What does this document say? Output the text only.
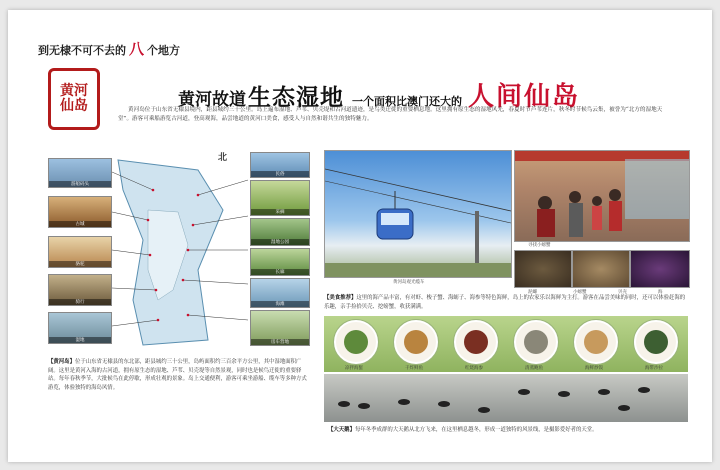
到无棣不可不去的 八 个地方
黄河
仙岛	黄河故道 生态湿地 一个面积比澳门还大的 人间仙岛
黄河岛位于山东省无棣县境内，距县城约三十公里。岛上遍布湿地、芦苇、贝壳堤和古河道遗迹，是鸟类迁徙的重要栖息地。这里拥有原生态的湿地风光，春夏时节芦苇连片，秋冬时节候鸟云集，被誉为“北方的湿地天堂”。游客可乘船游览古河道，登高观海，品尝地道的黄河口美食，感受人与自然和谐共生的独特魅力。
北
游船码头
古城
骆驼
骑行
湿地
民俗
采摘
湿地公园
长廊
海滩
房车营地
黄河岛观光缆车
寻找小螃蟹
泥螺	小螃蟹	贝壳	海
【美食推荐】这里的海产品丰富，有对虾、梭子蟹、海蛎子、海参等特色海鲜，岛上的农家乐以海鲜为主打。游客在品尝美味的同时，还可以体验赶海的乐趣，亲手捡拾贝壳、挖螃蟹，收获满满。
凉拌海蜇	干炸鲜鱼	红烧海参	清蒸鲍鱼	海鲜炒饭	海带沙拉
【大天鹅】每年冬季成群的大天鹅从北方飞来，在这里栖息越冬，形成一道独特的风景线，是摄影爱好者的天堂。
【黄河岛】位于山东省无棣县的东北部，距县城约三十公里，岛屿面积约三百余平方公里，其中湿地面积广阔。这里是黄河入海的古河道，拥有原生态的湿地、芦苇、贝壳堤等自然景观，同时也是候鸟迁徙的重要驿站。每年春秋季节，大批候鸟在此停歇，形成壮观的景象。岛上交通便利，游客可乘坐游船、缆车等多种方式游览，体验独特的海岛风情。
